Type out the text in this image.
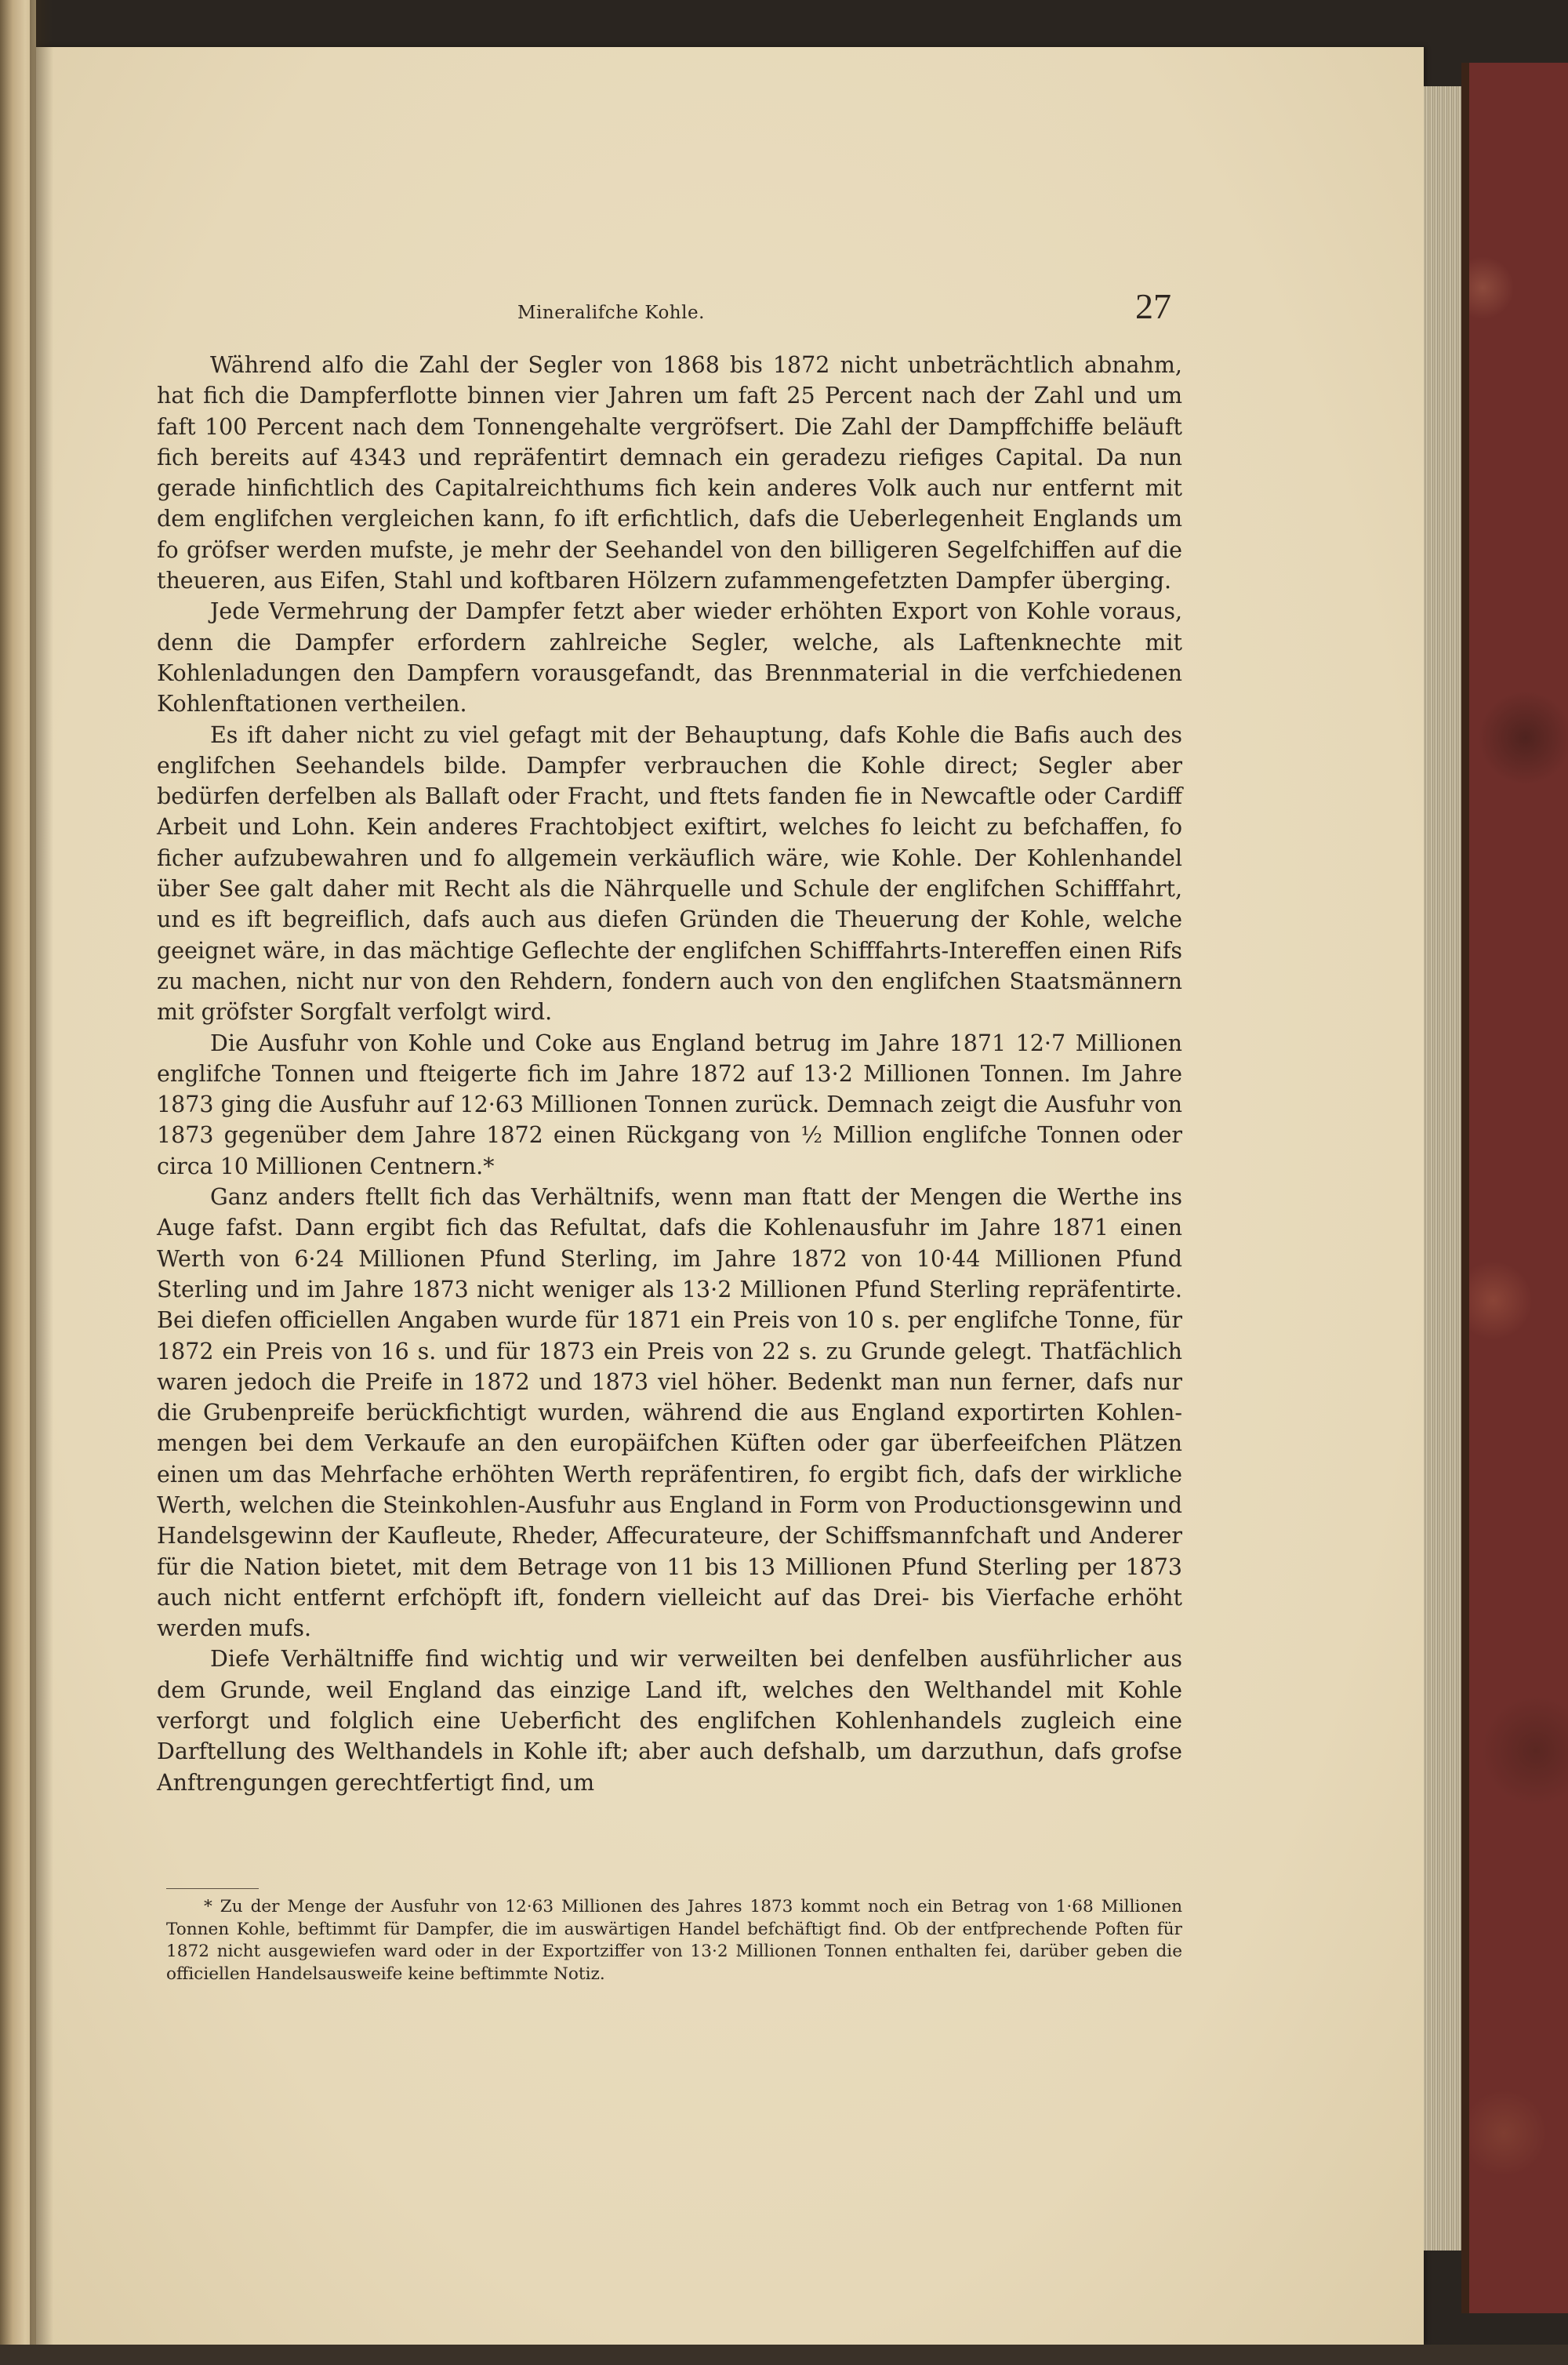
Mineralifche Kohle.	27

Während alfo die Zahl der Segler von 1868 bis 1872 nicht unbeträchtlich abnahm, hat fich die Dampferflotte binnen vier Jahren um faft 25 Percent nach der Zahl und um faft 100 Percent nach dem Tonnengehalte vergröfsert. Die Zahl der Dampffchiffe beläuft fich bereits auf 4343 und repräfentirt demnach ein geradezu riefiges Capital. Da nun gerade hinfichtlich des Capitalreichthums fich kein anderes Volk auch nur entfernt mit dem englifchen vergleichen kann, fo ift erfichtlich, dafs die Ueberlegenheit Englands um fo gröfser werden mufste, je mehr der Seehandel von den billigeren Segelfchiffen auf die theueren, aus Eifen, Stahl und koftbaren Hölzern zufammengefetzten Dampfer überging.

Jede Vermehrung der Dampfer fetzt aber wieder erhöhten Export von Kohle voraus, denn die Dampfer erfordern zahlreiche Segler, welche, als Laftenknechte mit Kohlenladungen den Dampfern vorausgefandt, das Brennmaterial in die verfchiedenen Kohlenftationen vertheilen.

Es ift daher nicht zu viel gefagt mit der Behauptung, dafs Kohle die Bafis auch des englifchen Seehandels bilde. Dampfer verbrauchen die Kohle direct; Segler aber bedürfen derfelben als Ballaft oder Fracht, und ftets fanden fie in Newcaftle oder Cardiff Arbeit und Lohn. Kein anderes Frachtobject exiftirt, welches fo leicht zu befchaffen, fo ficher aufzubewahren und fo allgemein verkäuflich wäre, wie Kohle. Der Kohlenhandel über See galt daher mit Recht als die Nährquelle und Schule der englifchen Schifffahrt, und es ift begreiflich, dafs auch aus diefen Gründen die Theuerung der Kohle, welche geeignet wäre, in das mächtige Geflechte der englifchen Schifffahrts-Intereffen einen Rifs zu machen, nicht nur von den Rehdern, fondern auch von den englifchen Staatsmännern mit gröfster Sorgfalt verfolgt wird.

Die Ausfuhr von Kohle und Coke aus England betrug im Jahre 1871 12·7 Millionen englifche Tonnen und fteigerte fich im Jahre 1872 auf 13·2 Millionen Tonnen. Im Jahre 1873 ging die Ausfuhr auf 12·63 Millionen Tonnen zurück. Demnach zeigt die Ausfuhr von 1873 gegenüber dem Jahre 1872 einen Rückgang von ½ Million englifche Tonnen oder circa 10 Millionen Centnern.*

Ganz anders ftellt fich das Verhältnifs, wenn man ftatt der Mengen die Werthe ins Auge fafst. Dann ergibt fich das Refultat, dafs die Kohlenausfuhr im Jahre 1871 einen Werth von 6·24 Millionen Pfund Sterling, im Jahre 1872 von 10·44 Millionen Pfund Sterling und im Jahre 1873 nicht weniger als 13·2 Millionen Pfund Sterling repräfentirte. Bei diefen officiellen Angaben wurde für 1871 ein Preis von 10 s. per englifche Tonne, für 1872 ein Preis von 16 s. und für 1873 ein Preis von 22 s. zu Grunde gelegt. Thatfächlich waren jedoch die Preife in 1872 und 1873 viel höher. Bedenkt man nun ferner, dafs nur die Grubenpreife berückfichtigt wurden, während die aus England exportirten Kohlenmengen bei dem Verkaufe an den europäifchen Küften oder gar überfeeifchen Plätzen einen um das Mehrfache erhöhten Werth repräfentiren, fo ergibt fich, dafs der wirkliche Werth, welchen die Steinkohlen-Ausfuhr aus England in Form von Productionsgewinn und Handelsgewinn der Kaufleute, Rheder, Affecurateure, der Schiffsmannfchaft und Anderer für die Nation bietet, mit dem Betrage von 11 bis 13 Millionen Pfund Sterling per 1873 auch nicht entfernt erfchöpft ift, fondern vielleicht auf das Drei- bis Vierfache erhöht werden mufs.

Diefe Verhältniffe find wichtig und wir verweilten bei denfelben ausführlicher aus dem Grunde, weil England das einzige Land ift, welches den Welthandel mit Kohle verforgt und folglich eine Ueberficht des englifchen Kohlenhandels zugleich eine Darftellung des Welthandels in Kohle ift; aber auch defshalb, um darzuthun, dafs grofse Anftrengungen gerechtfertigt find, um

* Zu der Menge der Ausfuhr von 12·63 Millionen des Jahres 1873 kommt noch ein Betrag von 1·68 Millionen Tonnen Kohle, beftimmt für Dampfer, die im auswärtigen Handel befchäftigt find. Ob der entfprechende Poften für 1872 nicht ausgewiefen ward oder in der Exportziffer von 13·2 Millionen Tonnen enthalten fei, darüber geben die officiellen Handelsausweife keine beftimmte Notiz.
